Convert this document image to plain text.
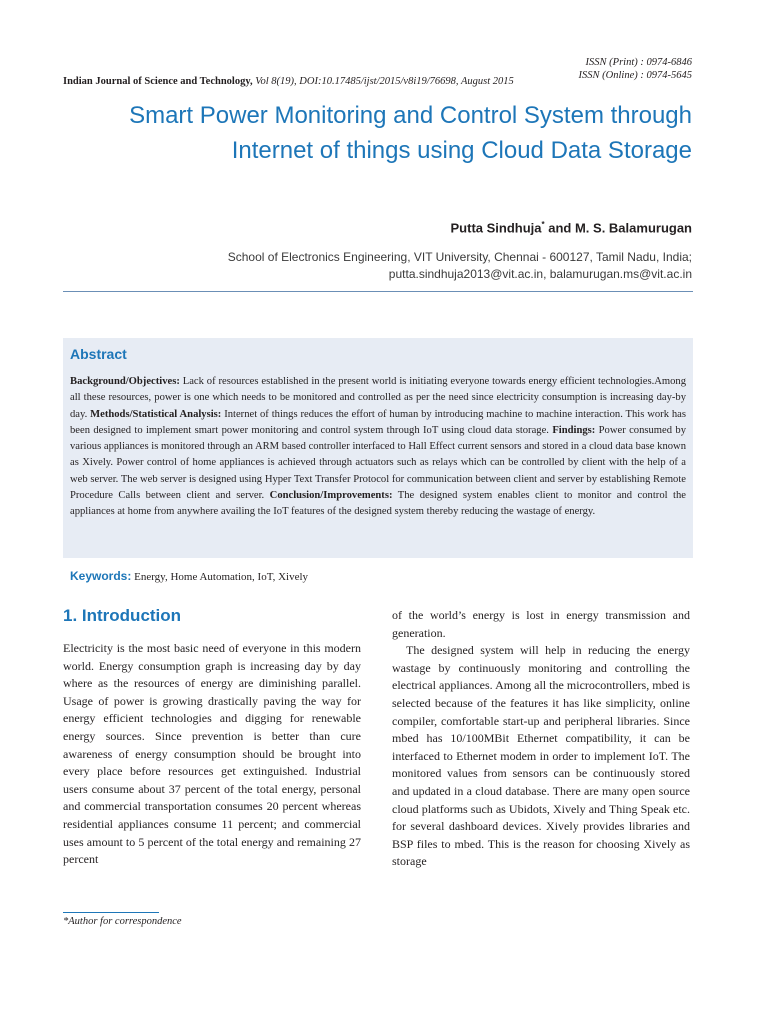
ISSN (Print) : 0974-6846
ISSN (Online) : 0974-5645
Indian Journal of Science and Technology, Vol 8(19), DOI:10.17485/ijst/2015/v8i19/76698, August 2015
Smart Power Monitoring and Control System through Internet of things using Cloud Data Storage
Putta Sindhuja* and M. S. Balamurugan
School of Electronics Engineering, VIT University, Chennai - 600127, Tamil Nadu, India;
putta.sindhuja2013@vit.ac.in, balamurugan.ms@vit.ac.in
Abstract
Background/Objectives: Lack of resources established in the present world is initiating everyone towards energy efficient technologies.Among all these resources, power is one which needs to be monitored and controlled as per the need since electricity consumption is increasing day-by day. Methods/Statistical Analysis: Internet of things reduces the effort of human by introducing machine to machine interaction. This work has been designed to implement smart power monitoring and control system through IoT using cloud data storage. Findings: Power consumed by various appliances is monitored through an ARM based controller interfaced to Hall Effect current sensors and stored in a cloud data base known as Xively. Power control of home appliances is achieved through actuators such as relays which can be controlled by client with the help of a web server. The web server is designed using Hyper Text Transfer Protocol for communication between client and server by establishing Remote Procedure Calls between client and server. Conclusion/Improvements: The designed system enables client to monitor and control the appliances at home from anywhere availing the IoT features of the designed system thereby reducing the wastage of energy.
Keywords: Energy, Home Automation, IoT, Xively
1. Introduction

Electricity is the most basic need of everyone in this modern world. Energy consumption graph is increasing day by day where as the resources of energy are diminishing parallel. Usage of power is growing drastically paving the way for energy efficient technologies and digging for renewable energy sources. Since prevention is better than cure awareness of energy consumption should be brought into every place before resources get extinguished. Industrial users consume about 37 percent of the total energy, personal and commercial transportation consumes 20 percent whereas residential appliances consume 11 percent; and commercial uses amount to 5 percent of the total energy and remaining 27 percent

of the world’s energy is lost in energy transmission and generation.

The designed system will help in reducing the energy wastage by continuously monitoring and controlling the electrical appliances. Among all the microcontrollers, mbed is selected because of the features it has like simplicity, online compiler, comfortable start-up and peripheral libraries. Since mbed has 10/100MBit Ethernet compatibility, it can be interfaced to Ethernet modem in order to implement IoT. The monitored values from sensors can be continuously stored and updated in a cloud database. There are many open source cloud platforms such as Ubidots, Xively and Thing Speak etc. for several dashboard devices. Xively provides libraries and BSP files to mbed. This is the reason for choosing Xively as storage

*Author for correspondence
